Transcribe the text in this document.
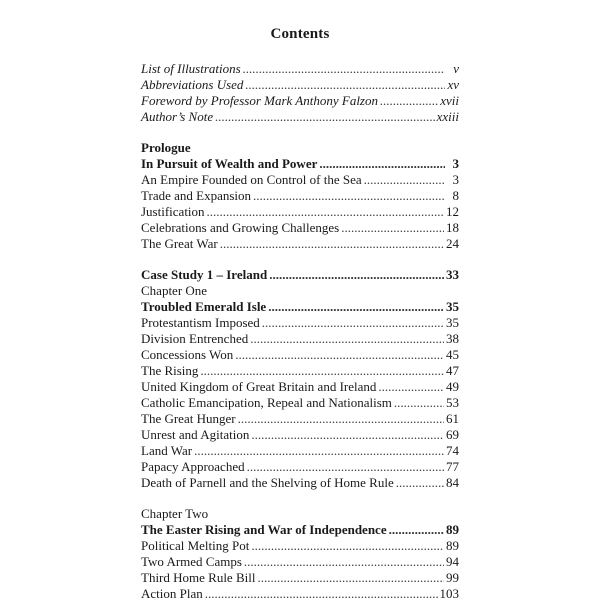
Contents
List of Illustrations .....	v
Abbreviations Used .....	xv
Foreword by Professor Mark Anthony Falzon .....	xvii
Author’s Note .....	xxiii
Prologue
In Pursuit of Wealth and Power .....	3
An Empire Founded on Control of the Sea .....	3
Trade and Expansion .....	8
Justification .....	12
Celebrations and Growing Challenges .....	18
The Great War .....	24
Case Study 1 – Ireland .....	33
Chapter One
Troubled Emerald Isle .....	35
Protestantism Imposed .....	35
Division Entrenched .....	38
Concessions Won .....	45
The Rising .....	47
United Kingdom of Great Britain and Ireland .....	49
Catholic Emancipation, Repeal and Nationalism .....	53
The Great Hunger .....	61
Unrest and Agitation .....	69
Land War .....	74
Papacy Approached .....	77
Death of Parnell and the Shelving of Home Rule .....	84
Chapter Two
The Easter Rising and War of Independence .....	89
Political Melting Pot .....	89
Two Armed Camps .....	94
Third Home Rule Bill .....	99
Action Plan .....	103
